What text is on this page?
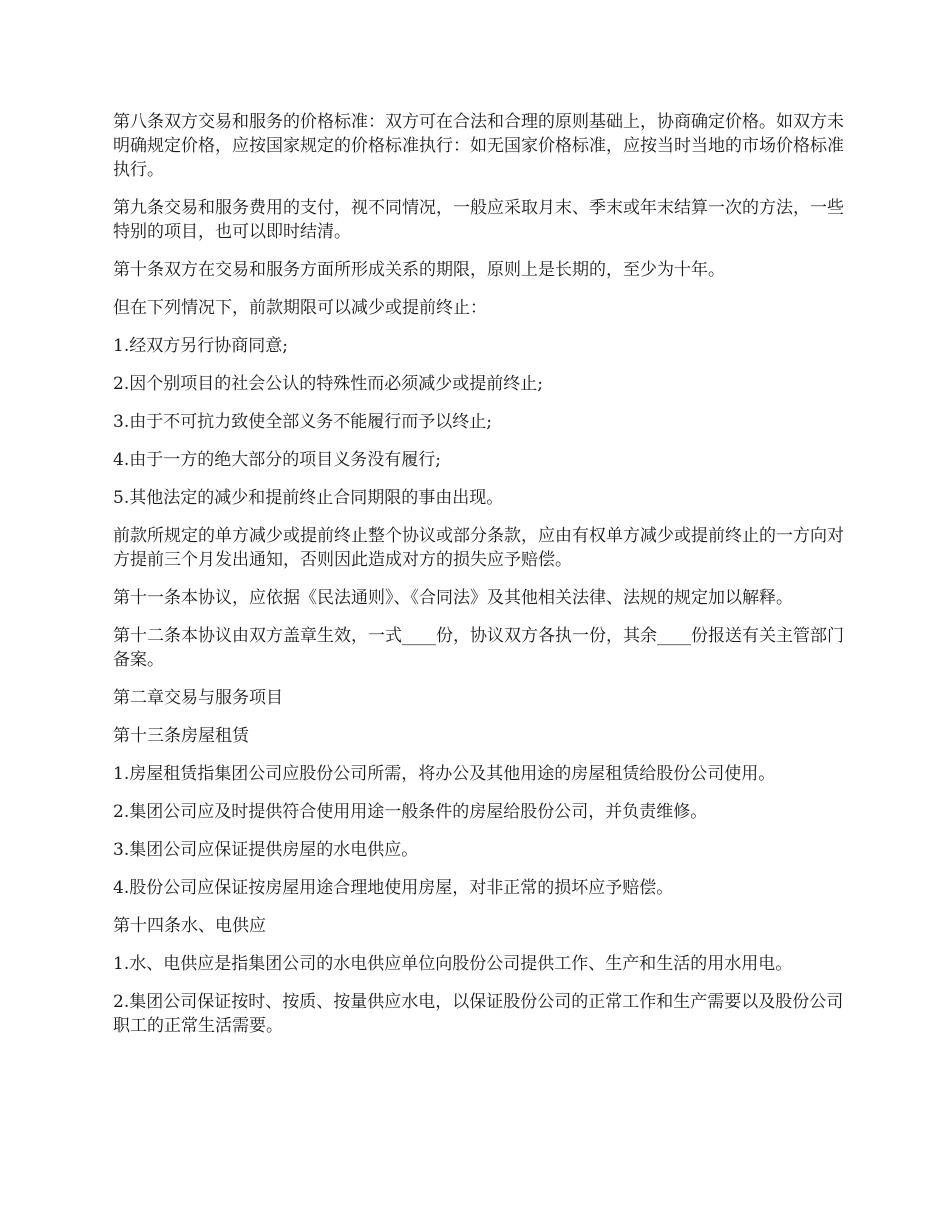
第八条双方交易和服务的价格标准：双方可在合法和合理的原则基础上，协商确定价格。如双方未明确规定价格，应按国家规定的价格标准执行：如无国家价格标准，应按当时当地的市场价格标准执行。

第九条交易和服务费用的支付，视不同情况，一般应采取月末、季末或年末结算一次的方法，一些特别的项目，也可以即时结清。

第十条双方在交易和服务方面所形成关系的期限，原则上是长期的，至少为十年。

但在下列情况下，前款期限可以减少或提前终止：

1.经双方另行协商同意;

2.因个别项目的社会公认的特殊性而必须减少或提前终止;

3.由于不可抗力致使全部义务不能履行而予以终止;

4.由于一方的绝大部分的项目义务没有履行;

5.其他法定的减少和提前终止合同期限的事由出现。

前款所规定的单方减少或提前终止整个协议或部分条款，应由有权单方减少或提前终止的一方向对方提前三个月发出通知，否则因此造成对方的损失应予赔偿。

第十一条本协议，应依据《民法通则》、《合同法》及其他相关法律、法规的规定加以解释。

第十二条本协议由双方盖章生效，一式____份，协议双方各执一份，其余____份报送有关主管部门备案。

第二章交易与服务项目

第十三条房屋租赁

1.房屋租赁指集团公司应股份公司所需，将办公及其他用途的房屋租赁给股份公司使用。

2.集团公司应及时提供符合使用用途一般条件的房屋给股份公司，并负责维修。

3.集团公司应保证提供房屋的水电供应。

4.股份公司应保证按房屋用途合理地使用房屋，对非正常的损坏应予赔偿。

第十四条水、电供应

1.水、电供应是指集团公司的水电供应单位向股份公司提供工作、生产和生活的用水用电。

2.集团公司保证按时、按质、按量供应水电，以保证股份公司的正常工作和生产需要以及股份公司职工的正常生活需要。
